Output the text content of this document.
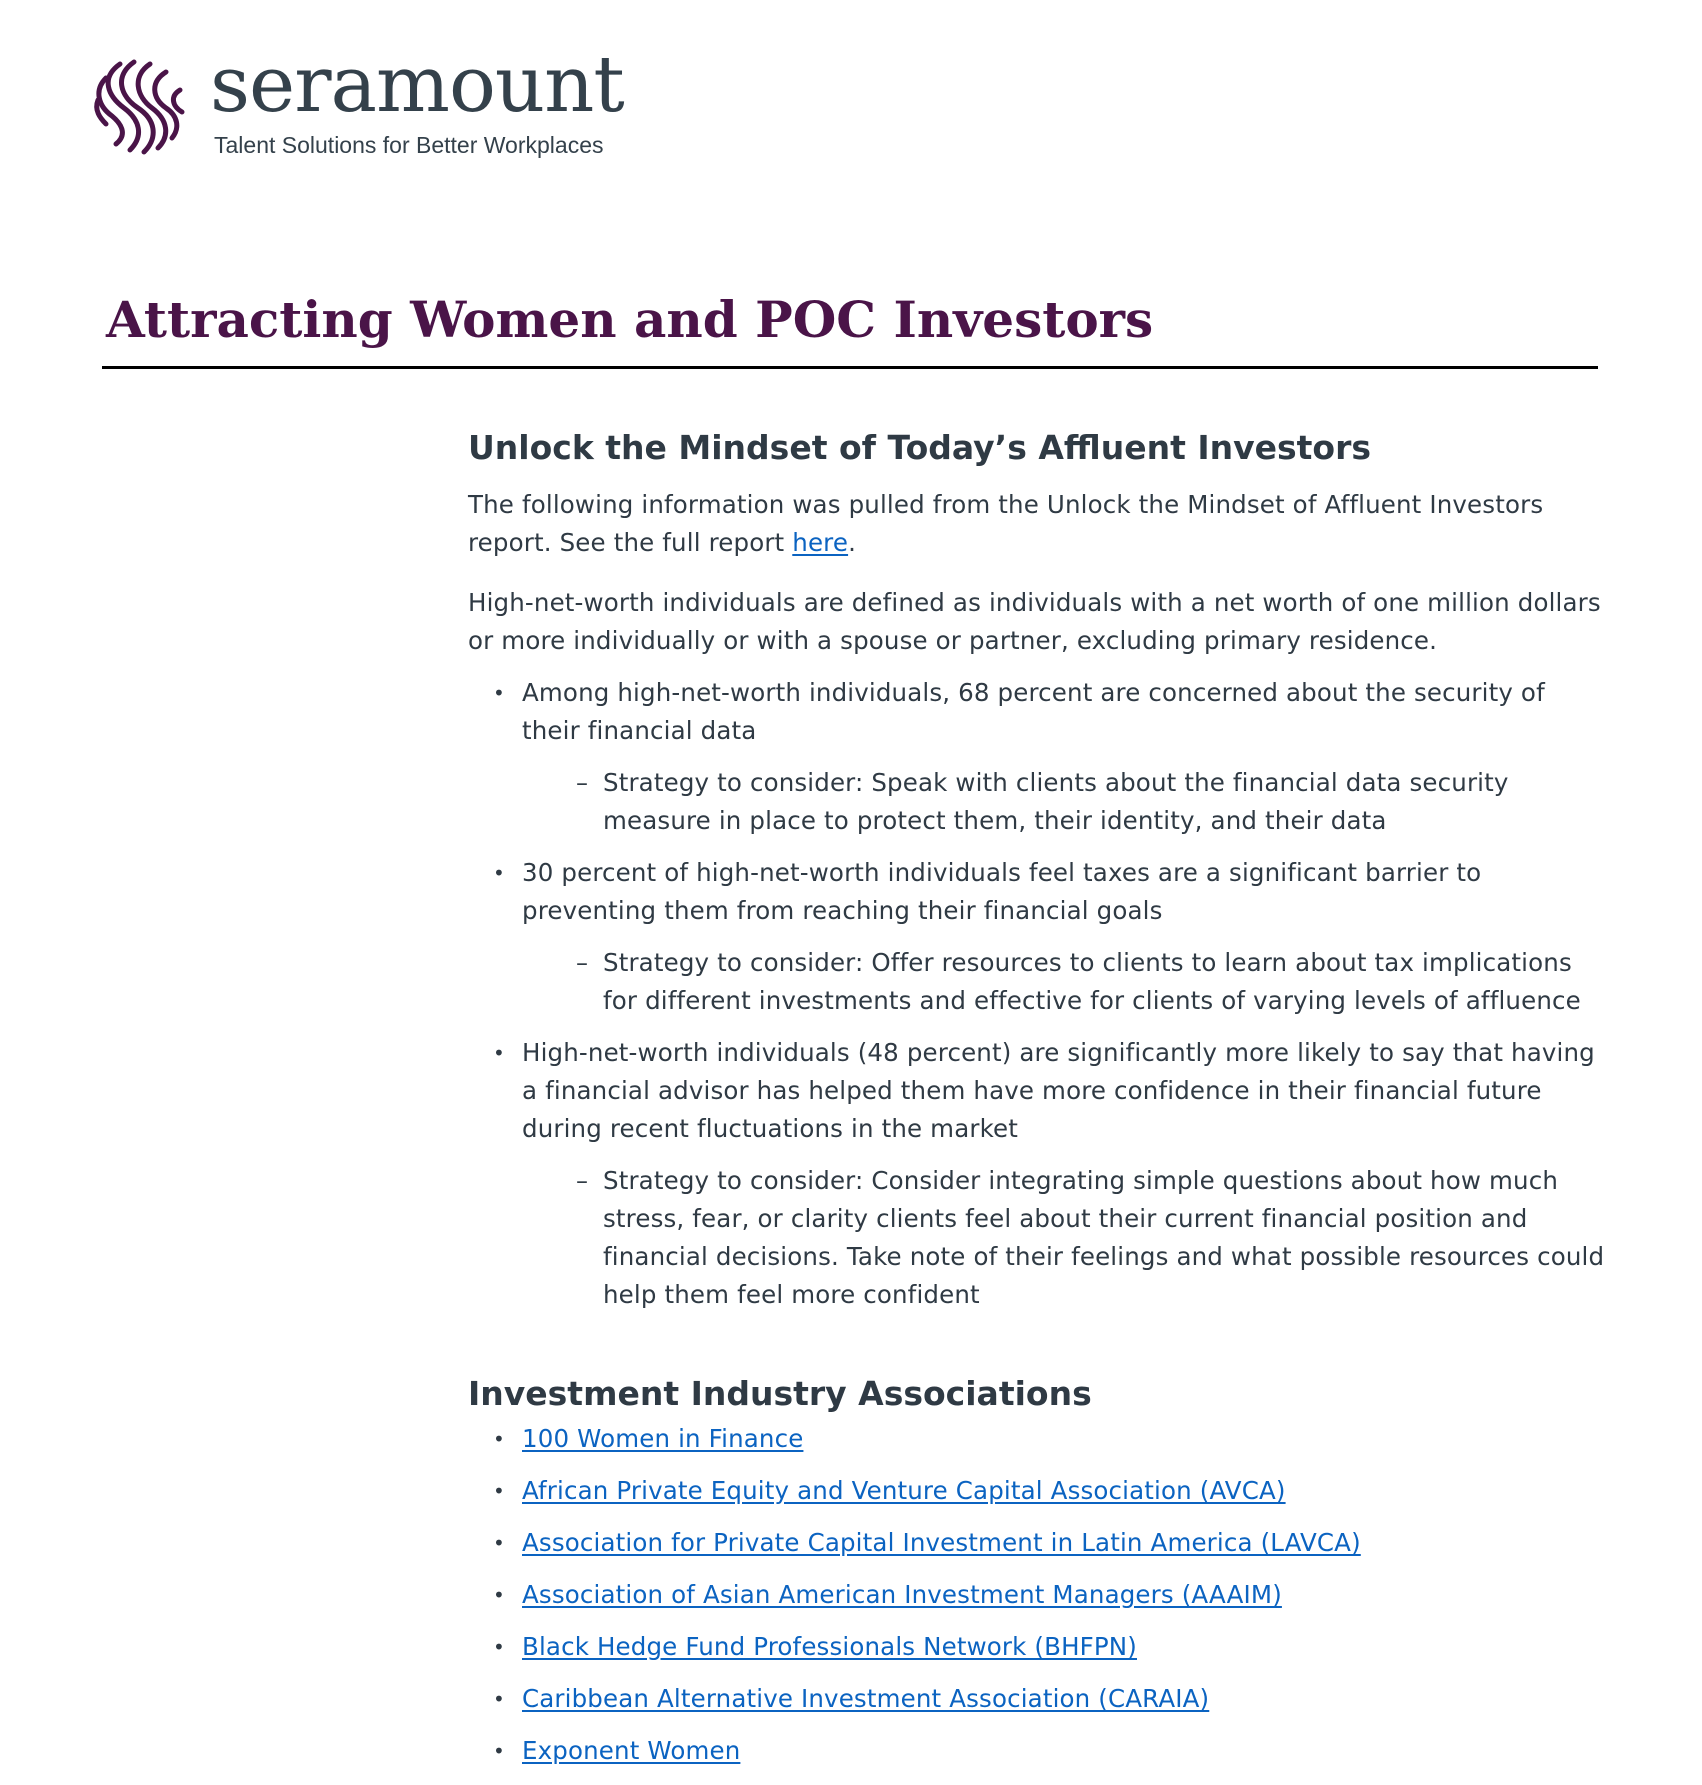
seramount
Talent Solutions for Better Workplaces
Attracting Women and POC Investors
Unlock the Mindset of Today’s Affluent Investors

The following information was pulled from the Unlock the Mindset of Affluent Investors report. See the full report here.

High-net-worth individuals are defined as individuals with a net worth of one million dollars or more individually or with a spouse or partner, excluding primary residence.

• Among high-net-worth individuals, 68 percent are concerned about the security of their financial data

– Strategy to consider: Speak with clients about the financial data security measure in place to protect them, their identity, and their data

• 30 percent of high-net-worth individuals feel taxes are a significant barrier to preventing them from reaching their financial goals

– Strategy to consider: Offer resources to clients to learn about tax implications for different investments and effective for clients of varying levels of affluence

• High-net-worth individuals (48 percent) are significantly more likely to say that having a financial advisor has helped them have more confidence in their financial future during recent fluctuations in the market

– Strategy to consider: Consider integrating simple questions about how much stress, fear, or clarity clients feel about their current financial position and financial decisions. Take note of their feelings and what possible resources could help them feel more confident

Investment Industry Associations
• 100 Women in Finance

• African Private Equity and Venture Capital Association (AVCA)

• Association for Private Capital Investment in Latin America (LAVCA)

• Association of Asian American Investment Managers (AAAIM)

• Black Hedge Fund Professionals Network (BHFPN)

• Caribbean Alternative Investment Association (CARAIA)

• Exponent Women
